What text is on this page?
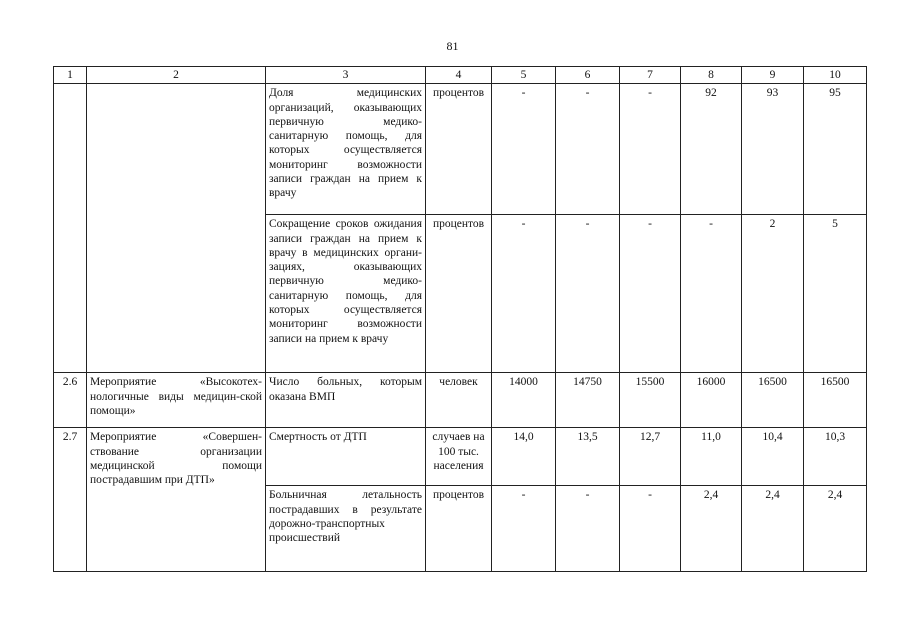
81
1	2	3	4	5	6	7	8	9	10
		Доля медицинских организаций, оказывающих первичную медико-санитарную помощь, для которых осуществляется мониторинг возможности записи граждан на прием к врачу	процентов	-	-	-	92	93	95
		Сокращение сроков ожидания записи граждан на прием к врачу в медицинских органи-зациях, оказывающих первичную медико-санитарную помощь, для которых осуществляется мониторинг возможности записи на прием к врачу	процентов	-	-	-	-	2	5
2.6	Мероприятие «Высокотех-нологичные виды медицин-ской помощи»	Число больных, которым оказана ВМП	человек	14000	14750	15500	16000	16500	16500
2.7	Мероприятие «Совершен-ствование организации медицинской помощи пострадавшим при ДТП»	Смертность от ДТП	случаев на 100 тыс. населения	14,0	13,5	12,7	11,0	10,4	10,3
		Больничная летальность пострадавших в результате дорожно-транспортных происшествий	процентов	-	-	-	2,4	2,4	2,4
